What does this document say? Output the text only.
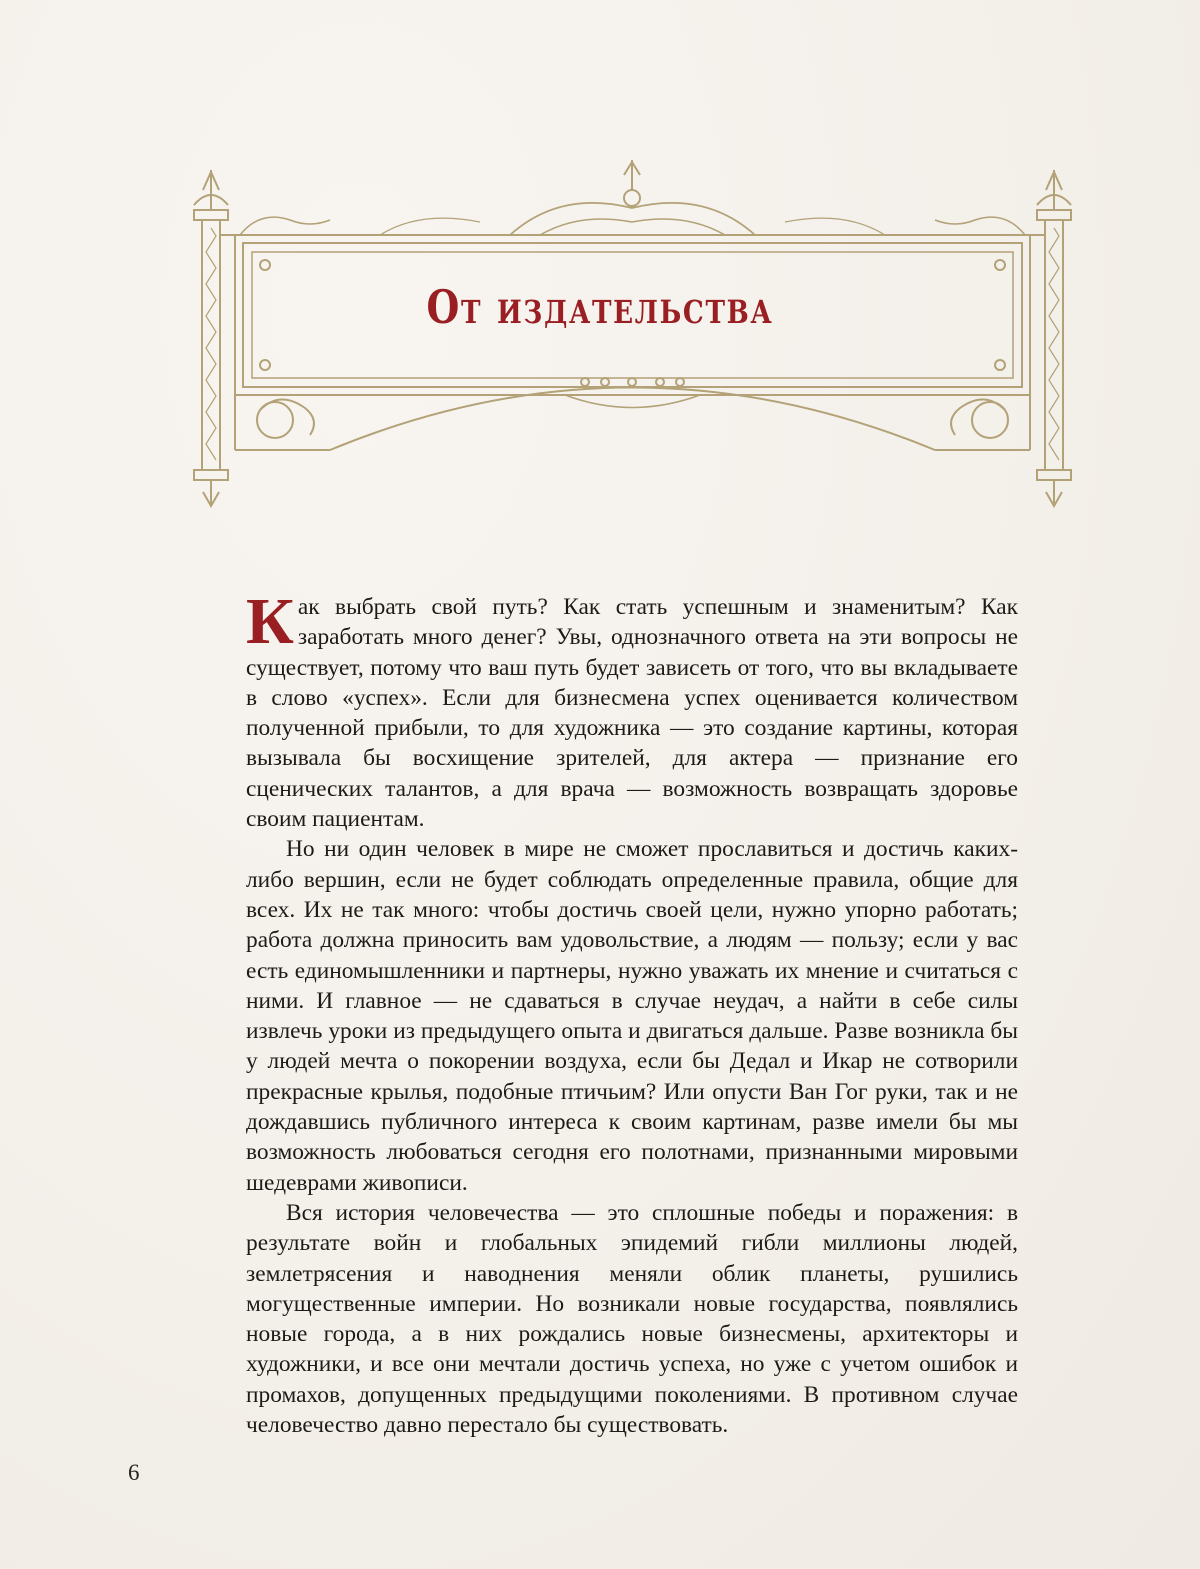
От издательства

Как выбрать свой путь? Как стать успешным и знаменитым? Как заработать много денег? Увы, однозначного ответа на эти вопросы не существует, потому что ваш путь будет зависеть от того, что вы вкладываете в слово «успех». Если для бизнесмена успех оценивается количеством полученной прибыли, то для художника — это создание картины, которая вызывала бы восхищение зрителей, для актера — признание его сценических талантов, а для врача — возможность возвращать здоровье своим пациентам.

Но ни один человек в мире не сможет прославиться и достичь каких-либо вершин, если не будет соблюдать определенные правила, общие для всех. Их не так много: чтобы достичь своей цели, нужно упорно работать; работа должна приносить вам удовольствие, а людям — пользу; если у вас есть единомышленники и партнеры, нужно уважать их мнение и считаться с ними. И главное — не сдаваться в случае неудач, а найти в себе силы извлечь уроки из предыдущего опыта и двигаться дальше. Разве возникла бы у людей мечта о покорении воздуха, если бы Дедал и Икар не сотворили прекрасные крылья, подобные птичьим? Или опусти Ван Гог руки, так и не дождавшись публичного интереса к своим картинам, разве имели бы мы возможность любоваться сегодня его полотнами, признанными мировыми шедеврами живописи.

Вся история человечества — это сплошные победы и поражения: в результате войн и глобальных эпидемий гибли миллионы людей, землетрясения и наводнения меняли облик планеты, рушились могущественные империи. Но возникали новые государства, появлялись новые города, а в них рождались новые бизнесмены, архитекторы и художники, и все они мечтали достичь успеха, но уже с учетом ошибок и промахов, допущенных предыдущими поколениями. В противном случае человечество давно перестало бы существовать.

6
